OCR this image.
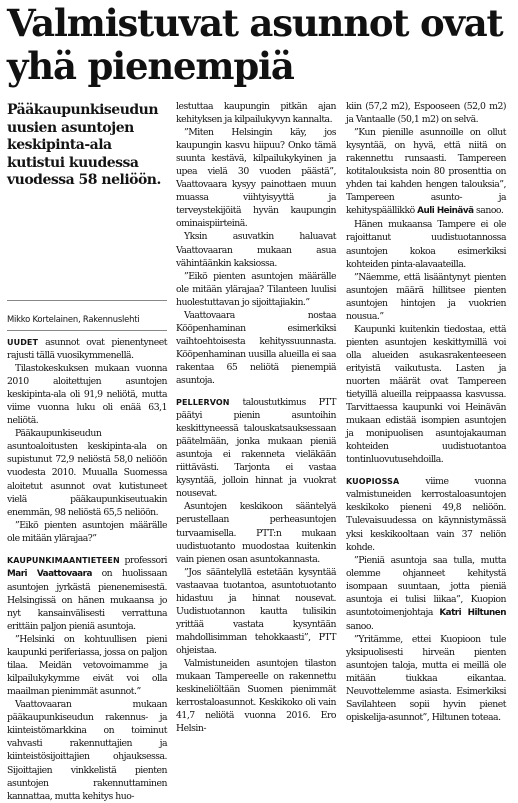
Valmistuvat asunnot ovat yhä pienempiä
Pääkaupunkiseudun uusien asuntojen keskipinta-ala kutistui kuudessa vuodessa 58 neliöön.
Mikko Kortelainen, Rakennuslehti

UUDET asunnot ovat pienentyneet rajusti tällä vuosikymmenellä.

Tilastokeskuksen mukaan vuonna 2010 aloitettujen asuntojen keskipinta-ala oli 91,9 neliötä, mutta viime vuonna luku oli enää 63,1 neliötä.

Pääkaupunkiseudun asuntoaloitusten keskipinta-ala on supistunut 72,9 neliöstä 58,0 neliöön vuodesta 2010. Muualla Suomessa aloitetut asunnot ovat kutistuneet vielä pääkaupunkiseutuakin enemmän, 98 neliöstä 65,5 neliöön.

”Eikö pienten asuntojen määrälle ole mitään ylärajaa?”

KAUPUNKIMAANTIETEEN professori Mari Vaattovaara on huolissaan asuntojen jyrkästä pienenemisestä. Helsingissä on hänen mukaansa jo nyt kansainvälisesti verrattuna erittäin paljon pieniä asuntoja.

”Helsinki on kohtuullisen pieni kaupunki periferiassa, jossa on paljon tilaa. Meidän vetovoimamme ja kilpailukykymme eivät voi olla maailman pienimmät asunnot.”

Vaattovaaran mukaan pääkaupunkiseudun rakennus- ja kiinteistömarkkina on toiminut vahvasti rakennuttajien ja kiinteistösijoittajien ohjauksessa. Sijoittajien vinkkelistä pienten asuntojen rakennuttaminen kannattaa, mutta kehitys huo-

lestuttaa kaupungin pitkän ajan kehityksen ja kilpailukyvyn kannalta.

”Miten Helsingin käy, jos kaupungin kasvu hiipuu? Onko tämä suunta kestävä, kilpailukykyinen ja upea vielä 30 vuoden päästä”, Vaattovaara kysyy painottaen muun muassa viihtyisyyttä ja terveystekijöitä hyvän kaupungin ominaispiirteinä.

Yksin asuvatkin haluavat Vaattovaaran mukaan asua vähintäänkin kaksiossa.

”Eikö pienten asuntojen määrälle ole mitään ylärajaa? Tilanteen luulisi huolestuttavan jo sijoittajiakin.”

Vaattovaara nostaa Kööpenhaminan esimerkiksi vaihtoehtoisesta kehityssuunnasta. Kööpenhaminan uusilla alueilla ei saa rakentaa 65 neliötä pienempiä asuntoja.

PELLERVON taloustutkimus PTT päätyi pienin asuntoihin keskittyneessä talouskatsauksessaan päätelmään, jonka mukaan pieniä asuntoja ei rakenneta vieläkään riittävästi. Tarjonta ei vastaa kysyntää, jolloin hinnat ja vuokrat nousevat.

Asuntojen keskikoon sääntelyä perustellaan perheasuntojen turvaamisella. PTT:n mukaan uudistuotanto muodostaa kuitenkin vain pienen osan asuntokannasta.

”Jos sääntelyllä estetään kysyntää vastaavaa tuotantoa, asuntotuotanto hidastuu ja hinnat nousevat. Uudistuotannon kautta tulisikin yrittää vastata kysyntään mahdollisimman tehokkaasti”, PTT ohjeistaa.

Valmistuneiden asuntojen tilaston mukaan Tampereelle on rakennettu keskineliöltään Suomen pienimmät kerrostaloasunnot. Keskikoko oli vain 41,7 neliötä vuonna 2016. Ero Helsin-

kiin (57,2 m2), Espooseen (52,0 m2) ja Vantaalle (50,1 m2) on selvä.

”Kun pienille asunnoille on ollut kysyntää, on hyvä, että niitä on rakennettu runsaasti. Tampereen kotitalouksista noin 80 prosenttia on yhden tai kahden hengen talouksia”, Tampereen asunto- ja kehityspäällikkö Auli Heinävä sanoo.

Hänen mukaansa Tampere ei ole rajoittanut uudistuotannossa asuntojen kokoa esimerkiksi kohteiden pinta-alavaateilla.

”Näemme, että lisääntynyt pienten asuntojen määrä hillitsee pienten asuntojen hintojen ja vuokrien nousua.”

Kaupunki kuitenkin tiedostaa, että pienten asuntojen keskittymillä voi olla alueiden asukasrakenteeseen erityistä vaikutusta. Lasten ja nuorten määrät ovat Tampereen tietyillä alueilla reippaassa kasvussa. Tarvittaessa kaupunki voi Heinävän mukaan edistää isompien asuntojen ja monipuolisen asuntojakauman kohteiden uudistuotantoa tontinluovutusehdoilla.

KUOPIOSSA	viime vuonna valmistuneiden kerrostaloasuntojen keskikoko pieneni 49,8 neliöön. Tulevaisuudessa on käynnistymässä yksi keskikooltaan vain 37 neliön kohde.

”Pieniä asuntoja saa tulla, mutta olemme ohjanneet kehitystä isompaan suuntaan, jotta pieniä asuntoja ei tulisi liikaa”, Kuopion asuntotoimenjohtaja Katri Hiltunen sanoo.

”Yritämme, ettei Kuopioon tule yksipuolisesti hirveän pienten asuntojen taloja, mutta ei meillä ole mitään tiukkaa eikantaa. Neuvottelemme asiasta. Esimerkiksi Savilahteen sopii hyvin pienet opiskelija-asunnot”, Hiltunen toteaa.
